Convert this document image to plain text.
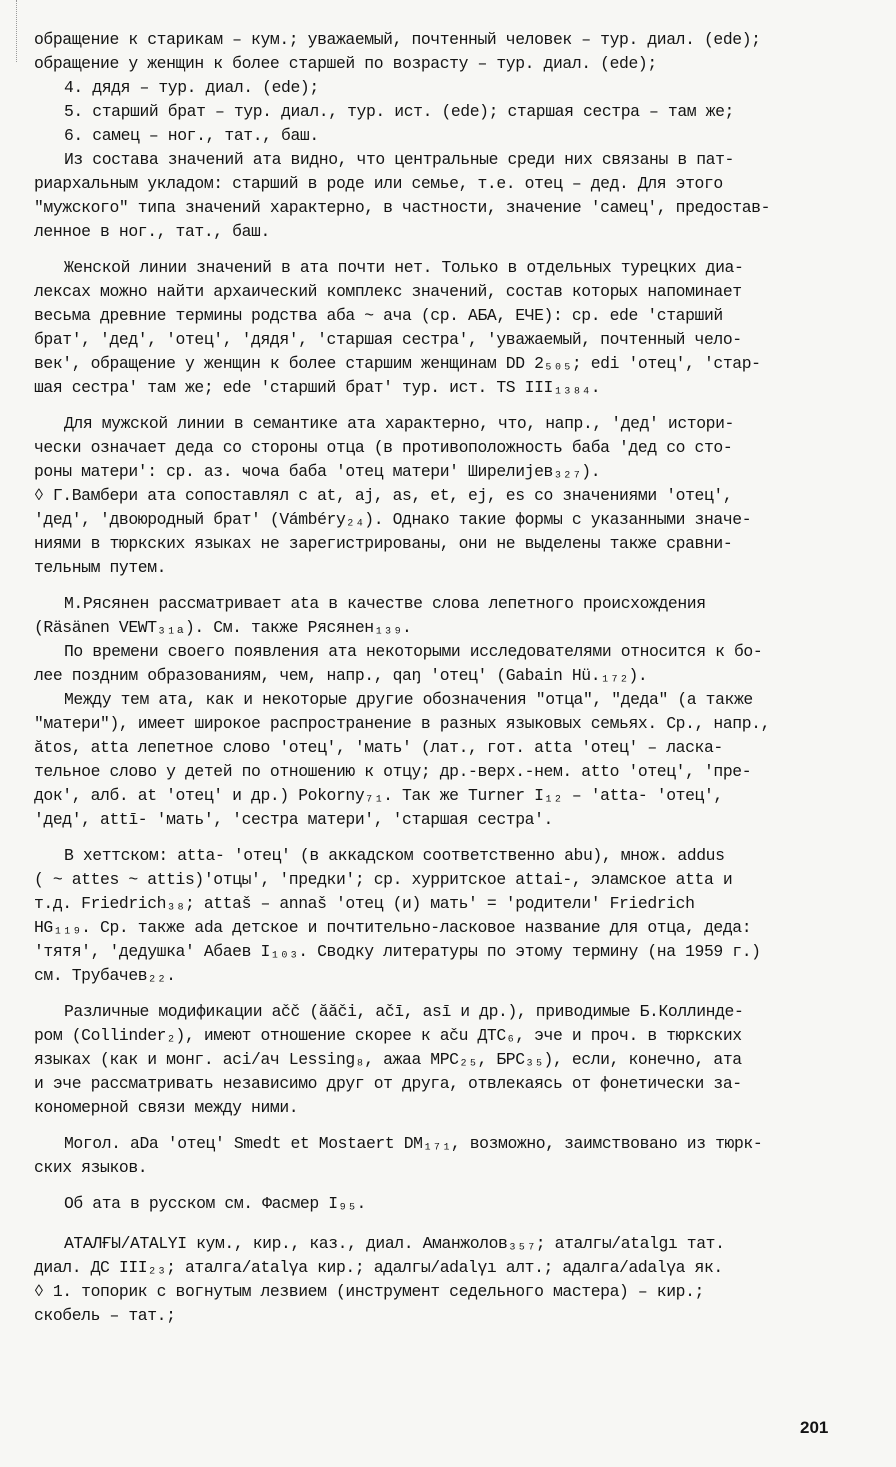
обращение к старикам – кум.; уважаемый, почтенный человек – тур. диал. (ede);
обращение у женщин к более старшей по возрасту – тур. диал. (ede);

4. дядя – тур. диал. (ede);

5. старший брат – тур. диал., тур. ист. (ede); старшая сестра – там же;

6. самец – ног., тат., баш.

Из состава значений ата видно, что центральные среди них связаны в пат-
риархальным укладом: старший в роде или семье, т.е. отец – дед. Для этого
"мужского" типа значений характерно, в частности, значение 'самец', предостав-
ленное в ног., тат., баш.

Женской линии значений в ата почти нет. Только в отдельных турецких диа-
лексах можно найти архаический комплекс значений, состав которых напоминает
весьма древние термины родства аба ~ ача (ср. АБА, ЕЧЕ): ср. ede 'старший
брат', 'дед', 'отец', 'дядя', 'старшая сестра', 'уважаемый, почтенный чело-
век', обращение у женщин к более старшим женщинам DD 2₅₀₅; edi 'отец', 'стар-
шая сестра' там же; ede 'старший брат' тур. ист. TS III₁₃₈₄.

Для мужской линии в семантике ата характерно, что, напр., 'дед' истори-
чески означает деда со стороны отца (в противоположность баба 'дед со сто-
роны матери': ср. аз. ҹоҹа баба 'отец матери' Ширелиjев₃₂₇).

◊ Г.Вамбери ата сопоставлял с at, aj, as, et, ej, es со значениями 'отец',
'дед', 'двоюродный брат' (Vámbéry₂₄). Однако такие формы с указанными значе-
ниями в тюркских языках не зарегистрированы, они не выделены также сравни-
тельным путем.

М.Рясянен рассматривает ata в качестве слова лепетного происхождения
(Räsänen VEWT₃₁ₐ). См. также Рясянен₁₃₉.

По времени своего появления ата некоторыми исследователями относится к бо-
лее поздним образованиям, чем, напр., qaŋ 'отец' (Gabain Hü.₁₇₂).

Между тем ата, как и некоторые другие обозначения "отца", "деда" (а также
"матери"), имеет широкое распространение в разных языковых семьях. Ср., напр.,
ătos, atta лепетное слово 'отец', 'мать' (лат., гот. atta 'отец' – ласка-
тельное слово у детей по отношению к отцу; др.-верх.-нем. atto 'отец', 'пре-
док', алб. at 'отец' и др.) Pokorny₇₁. Так же Turner I₁₂ – 'atta- 'отец',
'дед', attī- 'мать', 'сестра матери', 'старшая сестра'.

В хеттском: atta- 'отец' (в аккадском соответственно abu), множ. addus
( ~ attes ~ attis)'отцы', 'предки'; ср. хурритское attai-, эламское atta и
т.д. Friedrich₃₈; attaš – annaš 'отец (и) мать' = 'родители' Friedrich
HG₁₁₉. Ср. также ada детское и почтительно-ласковое название для отца, деда:
'тятя', 'дедушка' Абаев I₁₀₃. Сводку литературы по этому термину (на 1959 г.)
см. Трубачев₂₂.

Различные модификации ačč (ăăči, ačī, asī и др.), приводимые Б.Коллинде-
ром (Collinder₂), имеют отношение скорее к aču ДТС₆, эче и проч. в тюркских
языках (как и монг. aci/ач Lessing₈, ажаа МРС₂₅, БРС₃₅), если, конечно, ата
и эче рассматривать независимо друг от друга, отвлекаясь от фонетически за-
кономерной связи между ними.

Могол. aDa 'отец' Smedt et Mostaert DM₁₇₁, возможно, заимствовано из тюрк-
ских языков.

Об ата в русском см. Фасмер I₉₅.

АТАЛҒЫ/ATALYI кум., кир., каз., диал. Аманжолов₃₅₇; аталгы/atalgı тат.
диал. ДС III₂₃; аталга/atalγa кир.; адалгы/adalγı алт.; адалга/adalγa як.

◊ 1. топорик с вогнутым лезвием (инструмент седельного мастера) – кир.;
скобель – тат.;

201
